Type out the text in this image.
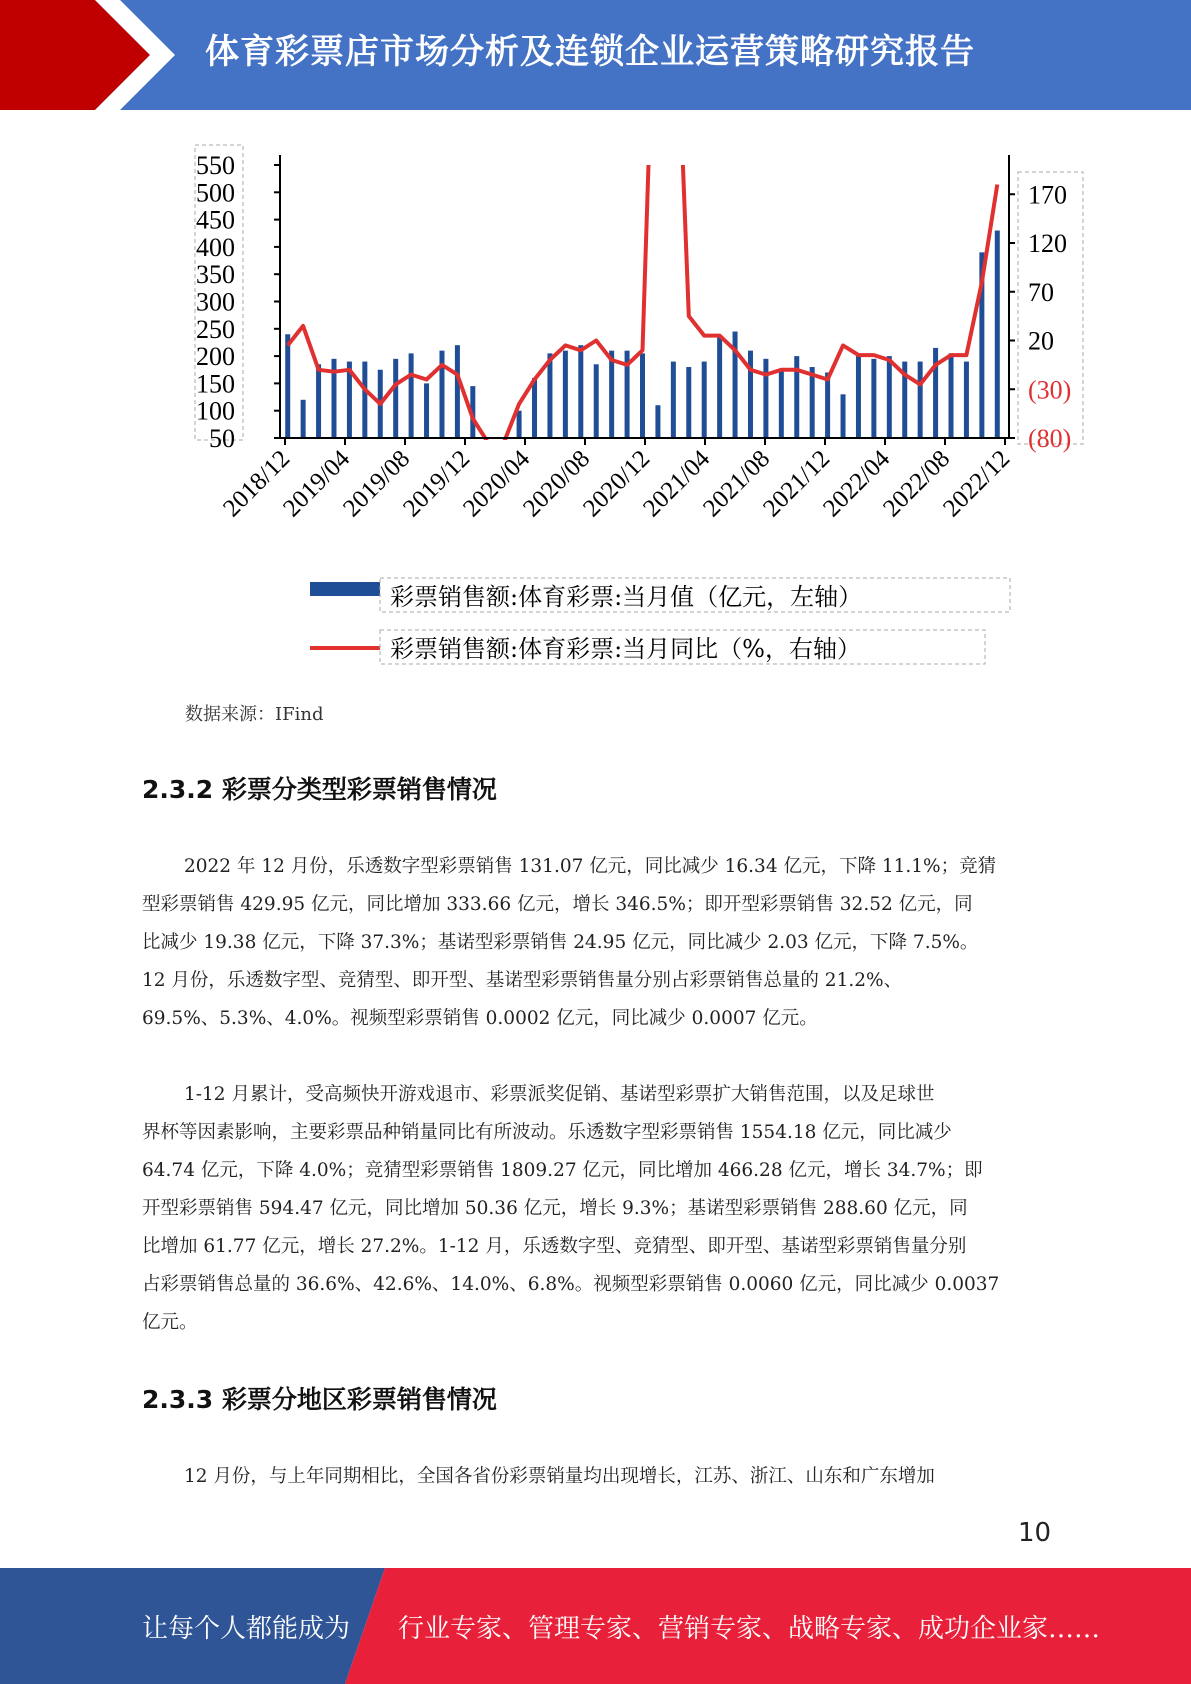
体育彩票店市场分析及连锁企业运营策略研究报告
50
100
150
200
250
300
350
400
450
500
550
(80)
(30)
20
70
120
170
2018/12
2019/04
2019/08
2019/12
2020/04
2020/08
2020/12
2021/04
2021/08
2021/12
2022/04
2022/08
2022/12
彩票销售额:体育彩票:当月值（亿元，左轴）
彩票销售额:体育彩票:当月同比（%，右轴）
数据来源：IFind
2.3.2 彩票分类型彩票销售情况
2022 年 12 月份，乐透数字型彩票销售 131.07 亿元，同比减少 16.34 亿元，下降 11.1%；竞猜
型彩票销售 429.95 亿元，同比增加 333.66 亿元，增长 346.5%；即开型彩票销售 32.52 亿元，同
比减少 19.38 亿元，下降 37.3%；基诺型彩票销售 24.95 亿元，同比减少 2.03 亿元，下降 7.5%。
12 月份，乐透数字型、竞猜型、即开型、基诺型彩票销售量分别占彩票销售总量的 21.2%、
69.5%、5.3%、4.0%。视频型彩票销售 0.0002 亿元，同比减少 0.0007 亿元。
1-12 月累计，受高频快开游戏退市、彩票派奖促销、基诺型彩票扩大销售范围，以及足球世
界杯等因素影响，主要彩票品种销量同比有所波动。乐透数字型彩票销售 1554.18 亿元，同比减少
64.74 亿元，下降 4.0%；竞猜型彩票销售 1809.27 亿元，同比增加 466.28 亿元，增长 34.7%；即
开型彩票销售 594.47 亿元，同比增加 50.36 亿元，增长 9.3%；基诺型彩票销售 288.60 亿元，同
比增加 61.77 亿元，增长 27.2%。1-12 月，乐透数字型、竞猜型、即开型、基诺型彩票销售量分别
占彩票销售总量的 36.6%、42.6%、14.0%、6.8%。视频型彩票销售 0.0060 亿元，同比减少 0.0037
亿元。
2.3.3 彩票分地区彩票销售情况
12 月份，与上年同期相比，全国各省份彩票销量均出现增长，江苏、浙江、山东和广东增加
10
让每个人都能成为 行业专家、管理专家、营销专家、战略专家、成功企业家……
